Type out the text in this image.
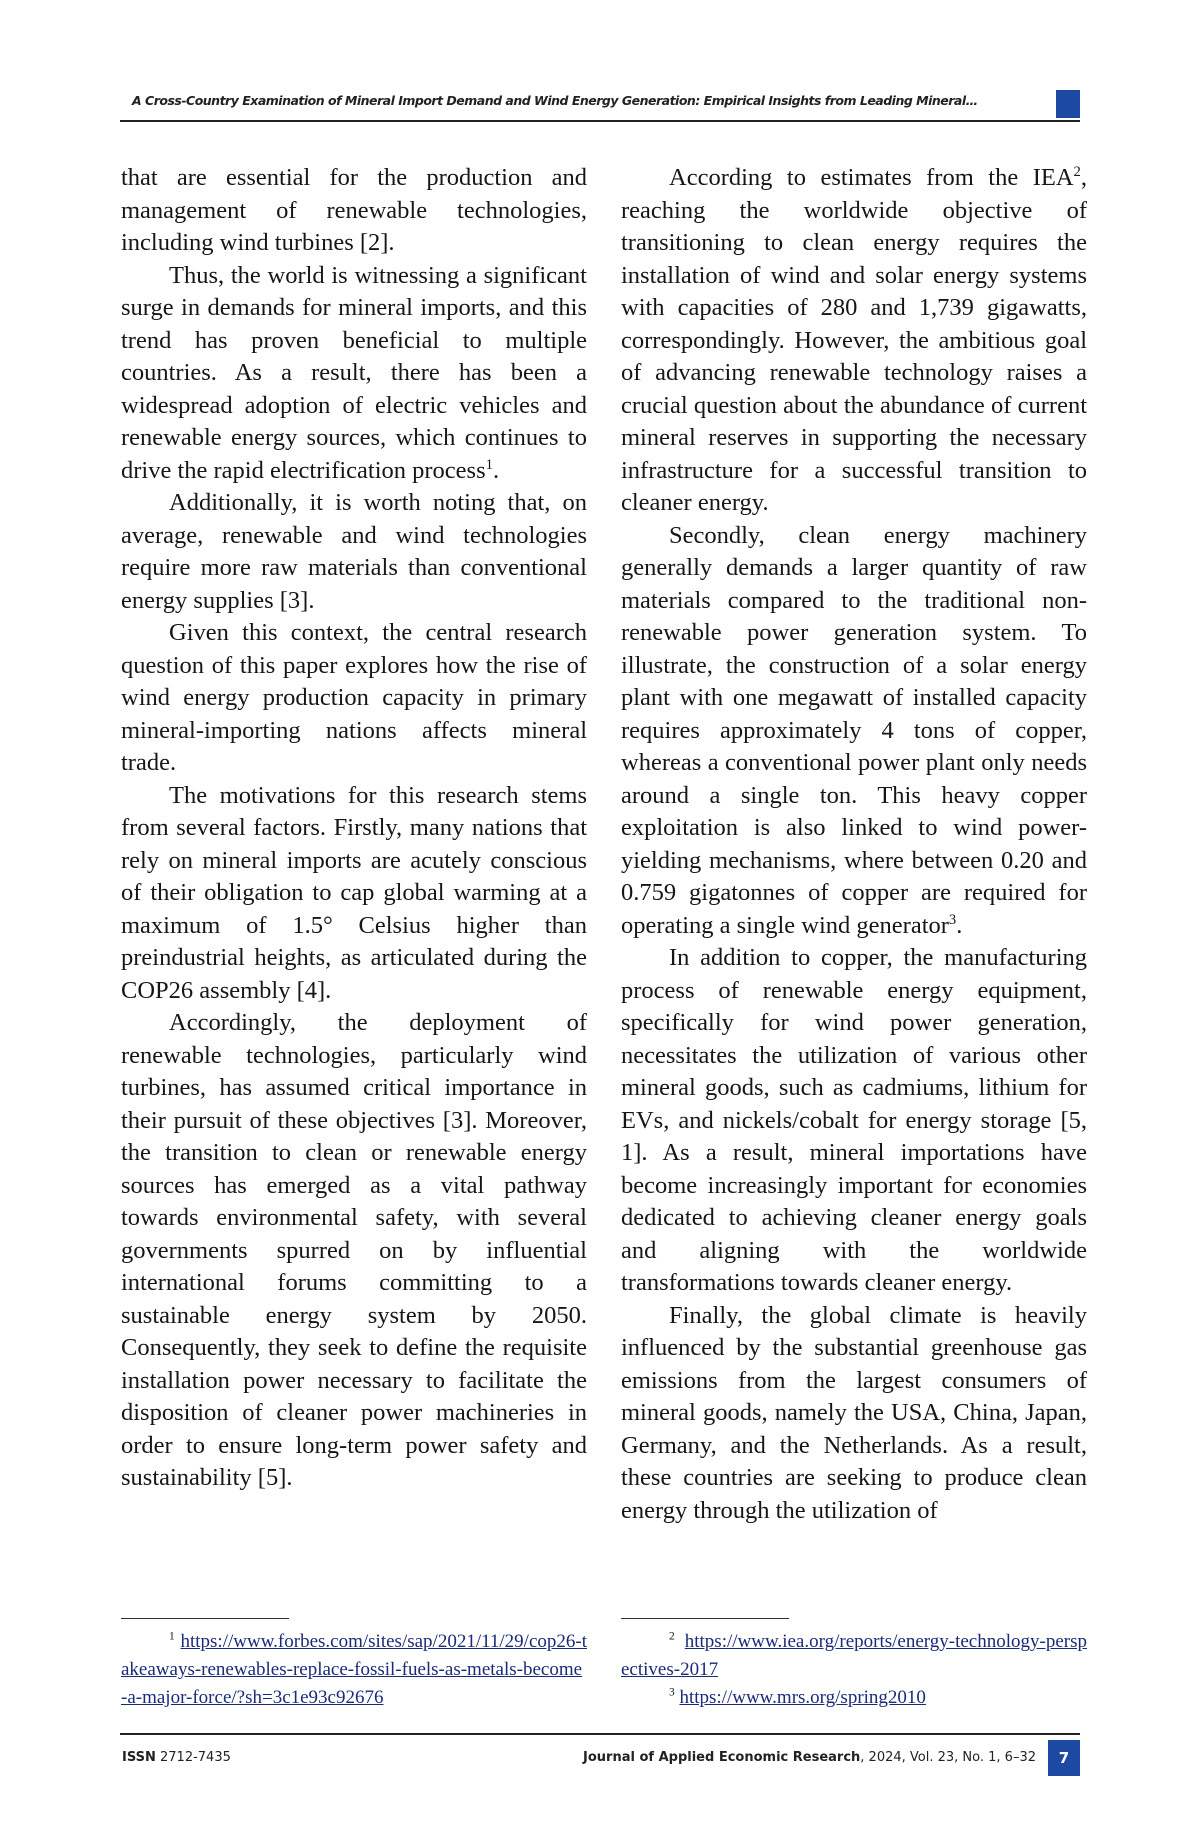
A Cross-Country Examination of Mineral Import Demand and Wind Energy Generation: Empirical Insights from Leading Mineral…

that are essential for the production and management of renewable technologies, including wind turbines [2].

Thus, the world is witnessing a significant surge in demands for mineral imports, and this trend has proven beneficial to multiple countries. As a result, there has been a widespread adoption of electric vehicles and renewable energy sources, which continues to drive the rapid electrification process$^1$.

Additionally, it is worth noting that, on average, renewable and wind technologies require more raw materials than conventional energy supplies [3].

Given this context, the central research question of this paper explores how the rise of wind energy production capacity in primary mineral-importing nations affects mineral trade.

The motivations for this research stems from several factors. Firstly, many nations that rely on mineral imports are acutely conscious of their obligation to cap global warming at a maximum of 1.5° Celsius higher than preindustrial heights, as articulated during the COP26 assembly [4].

Accordingly, the deployment of renewable technologies, particularly wind turbines, has assumed critical importance in their pursuit of these objectives [3]. Moreover, the transition to clean or renewable energy sources has emerged as a vital pathway towards environmental safety, with several governments spurred on by influential international forums committing to a sustainable energy system by 2050. Consequently, they seek to define the requisite installation power necessary to facilitate the disposition of cleaner power machineries in order to ensure long-term power safety and sustainability [5].

According to estimates from the IEA$^2$, reaching the worldwide objective of transitioning to clean energy requires the installation of wind and solar energy systems with capacities of 280 and 1,739 gigawatts, correspondingly. However, the ambitious goal of advancing renewable technology raises a crucial question about the abundance of current mineral reserves in supporting the necessary infrastructure for a successful transition to cleaner energy.

Secondly, clean energy machinery generally demands a larger quantity of raw materials compared to the traditional non-renewable power generation system. To illustrate, the construction of a solar energy plant with one megawatt of installed capacity requires approximately 4 tons of copper, whereas a conventional power plant only needs around a single ton. This heavy copper exploitation is also linked to wind power-yielding mechanisms, where between 0.20 and 0.759 gigatonnes of copper are required for operating a single wind generator$^3$.

In addition to copper, the manufacturing process of renewable energy equipment, specifically for wind power generation, necessitates the utilization of various other mineral goods, such as cadmiums, lithium for EVs, and nickels/cobalt for energy storage [5, 1]. As a result, mineral importations have become increasingly important for economies dedicated to achieving cleaner energy goals and aligning with the worldwide transformations towards cleaner energy.

Finally, the global climate is heavily influenced by the substantial greenhouse gas emissions from the largest consumers of mineral goods, namely the USA, China, Japan, Germany, and the Netherlands. As a result, these countries are seeking to produce clean energy through the utilization of

$^1$ https://www.forbes.com/sites/sap/2021/11/29/cop26-takeaways-renewables-replace-fossil-fuels-as-metals-become-a-major-force/?sh=3c1e93c92676

$^2$ https://www.iea.org/reports/energy-technology-perspectives-2017

$^3$ https://www.mrs.org/spring2010

ISSN 2712-7435	Journal of Applied Economic Research, 2024, Vol. 23, No. 1, 6–32	7
